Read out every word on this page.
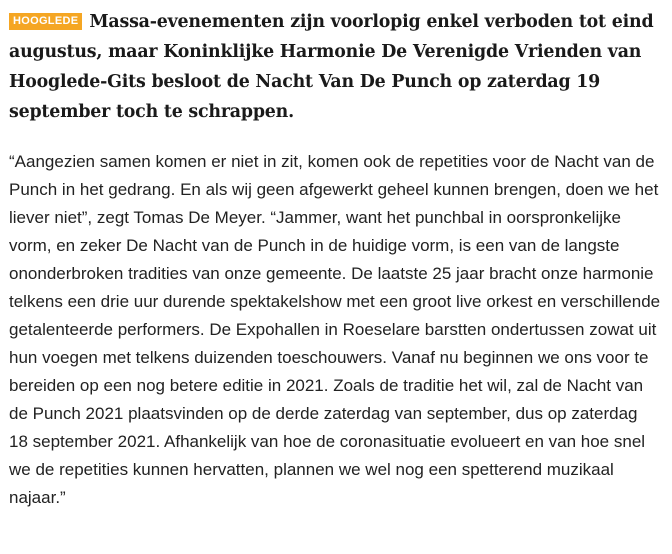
HOOGLEDE Massa-evenementen zijn voorlopig enkel verboden tot eind augustus, maar Koninklijke Harmonie De Verenigde Vrienden van Hooglede-Gits besloot de Nacht Van De Punch op zaterdag 19 september toch te schrappen.

“Aangezien samen komen er niet in zit, komen ook de repetities voor de Nacht van de Punch in het gedrang. En als wij geen afgewerkt geheel kunnen brengen, doen we het liever niet”, zegt Tomas De Meyer. “Jammer, want het punchbal in oorspronkelijke vorm, en zeker De Nacht van de Punch in de huidige vorm, is een van de langste ononderbroken tradities van onze gemeente. De laatste 25 jaar bracht onze harmonie telkens een drie uur durende spektakelshow met een groot live orkest en verschillende getalenteerde performers. De Expohallen in Roeselare barstten ondertussen zowat uit hun voegen met telkens duizenden toeschouwers. Vanaf nu beginnen we ons voor te bereiden op een nog betere editie in 2021. Zoals de traditie het wil, zal de Nacht van de Punch 2021 plaatsvinden op de derde zaterdag van september, dus op zaterdag 18 september 2021. Afhankelijk van hoe de coronasituatie evolueert en van hoe snel we de repetities kunnen hervatten, plannen we wel nog een spetterend muzikaal najaar.”
